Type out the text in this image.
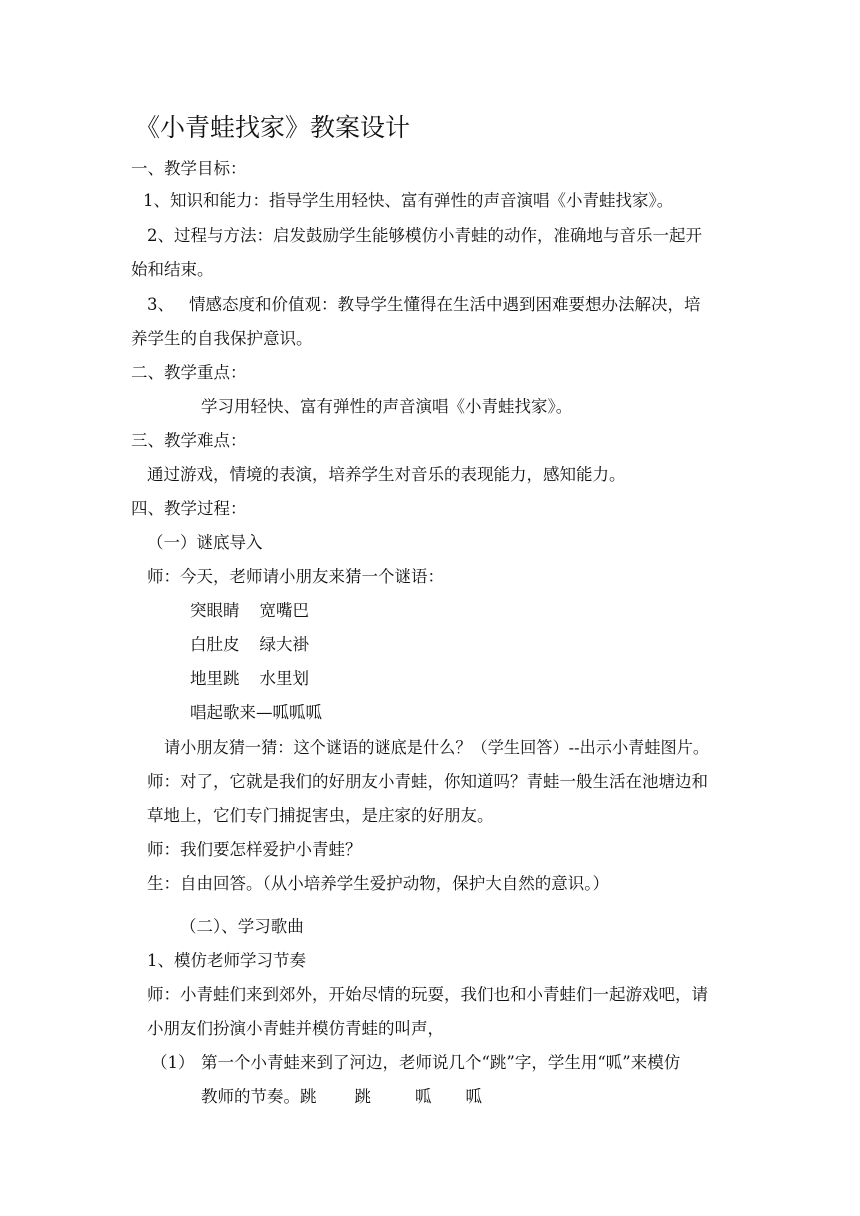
《小青蛙找家》教案设计
一、教学目标：
1、知识和能力：指导学生用轻快、富有弹性的声音演唱《小青蛙找家》。
2、过程与方法：启发鼓励学生能够模仿小青蛙的动作，准确地与音乐一起开
始和结束。
3、 情感态度和价值观：教导学生懂得在生活中遇到困难要想办法解决，培
养学生的自我保护意识。
二、教学重点：
学习用轻快、富有弹性的声音演唱《小青蛙找家》。
三、教学难点：
通过游戏，情境的表演，培养学生对音乐的表现能力，感知能力。
四、教学过程：
（一）谜底导入
师：今天，老师请小朋友来猜一个谜语：
突眼睛 宽嘴巴
白肚皮 绿大褂
地里跳 水里划
唱起歌来—呱呱呱
请小朋友猜一猜：这个谜语的谜底是什么？（学生回答）--出示小青蛙图片。
师：对了，它就是我们的好朋友小青蛙，你知道吗？青蛙一般生活在池塘边和
草地上，它们专门捕捉害虫，是庄家的好朋友。
师：我们要怎样爱护小青蛙？
生：自由回答。（从小培养学生爱护动物，保护大自然的意识。）
（二）、学习歌曲
1、模仿老师学习节奏
师：小青蛙们来到郊外，开始尽情的玩耍，我们也和小青蛙们一起游戏吧，请
小朋友们扮演小青蛙并模仿青蛙的叫声，
（1） 第一个小青蛙来到了河边，老师说几个“跳”字，学生用“呱”来模仿
教师的节奏。跳 跳	呱 呱
